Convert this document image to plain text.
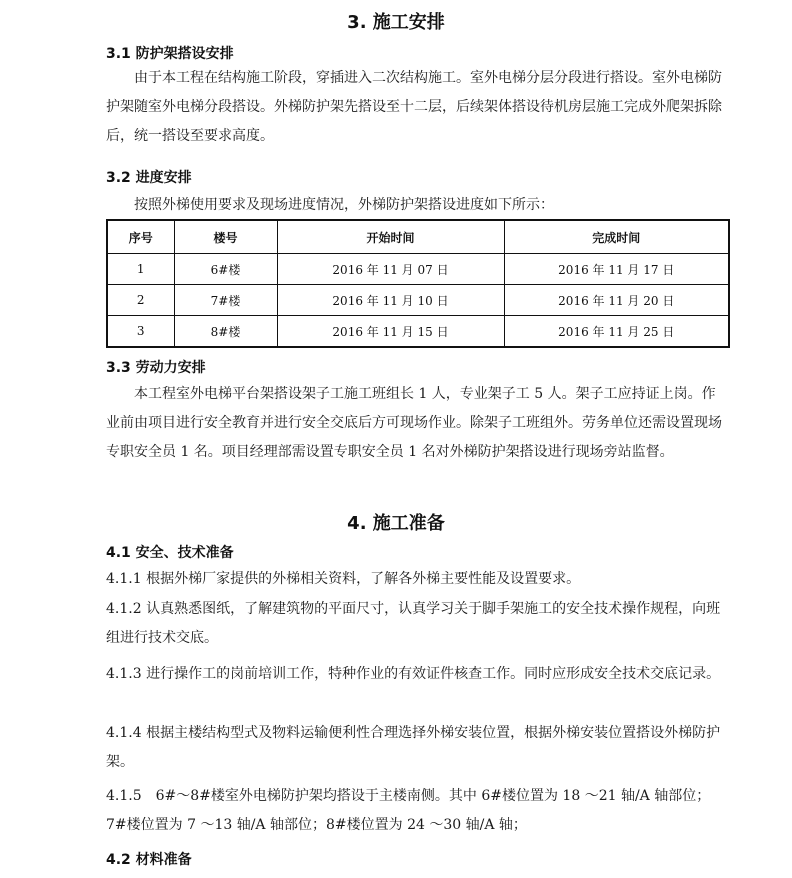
3. 施工安排
3.1 防护架搭设安排
由于本工程在结构施工阶段，穿插进入二次结构施工。室外电梯分层分段进行搭设。室外电梯防护架随室外电梯分段搭设。外梯防护架先搭设至十二层，后续架体搭设待机房层施工完成外爬架拆除后，统一搭设至要求高度。
3.2 进度安排
按照外梯使用要求及现场进度情况，外梯防护架搭设进度如下所示：
序号	楼号	开始时间	完成时间
1	6#楼	2016 年 11 月 07 日	2016 年 11 月 17 日
2	7#楼	2016 年 11 月 10 日	2016 年 11 月 20 日
3	8#楼	2016 年 11 月 15 日	2016 年 11 月 25 日
3.3 劳动力安排
本工程室外电梯平台架搭设架子工施工班组长 1 人，专业架子工 5 人。架子工应持证上岗。作业前由项目进行安全教育并进行安全交底后方可现场作业。除架子工班组外。劳务单位还需设置现场专职安全员 1 名。项目经理部需设置专职安全员 1 名对外梯防护架搭设进行现场旁站监督。
4. 施工准备
4.1 安全、技术准备
4.1.1 根据外梯厂家提供的外梯相关资料，了解各外梯主要性能及设置要求。
4.1.2 认真熟悉图纸，了解建筑物的平面尺寸，认真学习关于脚手架施工的安全技术操作规程，向班组进行技术交底。
4.1.3 进行操作工的岗前培训工作，特种作业的有效证件核查工作。同时应形成安全技术交底记录。
4.1.4 根据主楼结构型式及物料运输便利性合理选择外梯安装位置，根据外梯安装位置搭设外梯防护架。
4.1.5　6#～8#楼室外电梯防护架均搭设于主楼南侧。其中 6#楼位置为 18 ～21 轴/A 轴部位；7#楼位置为 7 ～13 轴/A 轴部位；8#楼位置为 24 ～30 轴/A 轴；
4.2 材料准备
